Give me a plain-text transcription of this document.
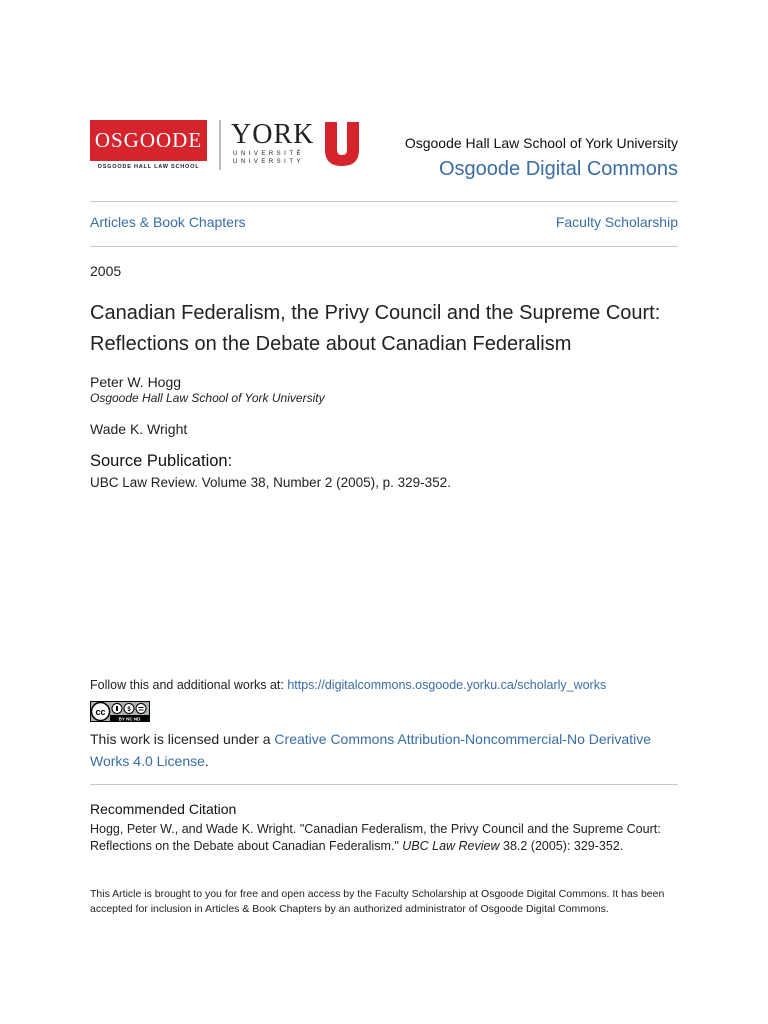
OSGOODE
OSGOODE HALL LAW SCHOOL
YORK
UNIVERSITÉ
UNIVERSITY
Osgoode Hall Law School of York University
Osgoode Digital Commons
Articles & Book Chapters	Faculty Scholarship
2005
Canadian Federalism, the Privy Council and the Supreme Court: Reflections on the Debate about Canadian Federalism
Peter W. Hogg
Osgoode Hall Law School of York University
Wade K. Wright
Source Publication:
UBC Law Review. Volume 38, Number 2 (2005), p. 329-352.
Follow this and additional works at: https://digitalcommons.osgoode.yorku.ca/scholarly_works
cc	$
BY NC ND
This work is licensed under a Creative Commons Attribution-Noncommercial-No Derivative Works 4.0 License.
Recommended Citation
Hogg, Peter W., and Wade K. Wright. "Canadian Federalism, the Privy Council and the Supreme Court: Reflections on the Debate about Canadian Federalism." UBC Law Review 38.2 (2005): 329-352.
This Article is brought to you for free and open access by the Faculty Scholarship at Osgoode Digital Commons. It has been accepted for inclusion in Articles & Book Chapters by an authorized administrator of Osgoode Digital Commons.
